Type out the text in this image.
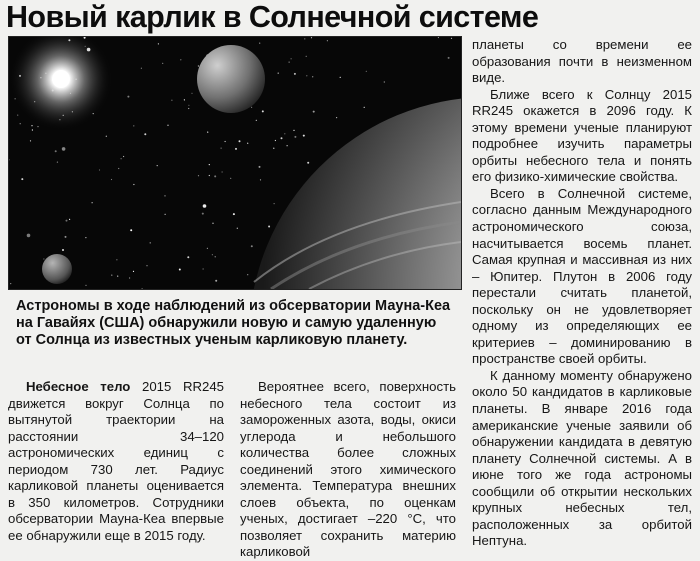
Новый карлик в Солнечной системе

Астрономы в ходе наблюдений из обсерватории Мауна-Кеа на Гавайях (США) обнаружили новую и самую удаленную от Солнца из известных ученым карликовую планету.

Небесное тело 2015 RR245 движется вокруг Солнца по вытянутой траектории на расстоянии 34–120 астрономических единиц с периодом 730 лет. Радиус карликовой планеты оценивается в 350 километров. Сотрудники обсерватории Мауна-Кеа впервые ее обнаружили еще в 2015 году.

Вероятнее всего, поверхность небесного тела состоит из замороженных азота, воды, окиси углерода и небольшого количества более сложных соединений этого химического элемента. Температура внешних слоев объекта, по оценкам ученых, достигает –220 °C, что позволяет сохранить материю карликовой

планеты со времени ее образования почти в неизменном виде.

Ближе всего к Солнцу 2015 RR245 окажется в 2096 году. К этому времени ученые планируют подробнее изучить параметры орбиты небесного тела и понять его физико-химические свойства.

Всего в Солнечной системе, согласно данным Международного астрономического союза, насчитывается восемь планет. Самая крупная и массивная из них – Юпитер. Плутон в 2006 году перестали считать планетой, поскольку он не удовлетворяет одному из определяющих ее критериев – доминированию в пространстве своей орбиты.

К данному моменту обнаружено около 50 кандидатов в карликовые планеты. В январе 2016 года американские ученые заявили об обнаружении кандидата в девятую планету Солнечной системы. А в июне того же года астрономы сообщили об открытии нескольких крупных небесных тел, расположенных за орбитой Нептуна.
